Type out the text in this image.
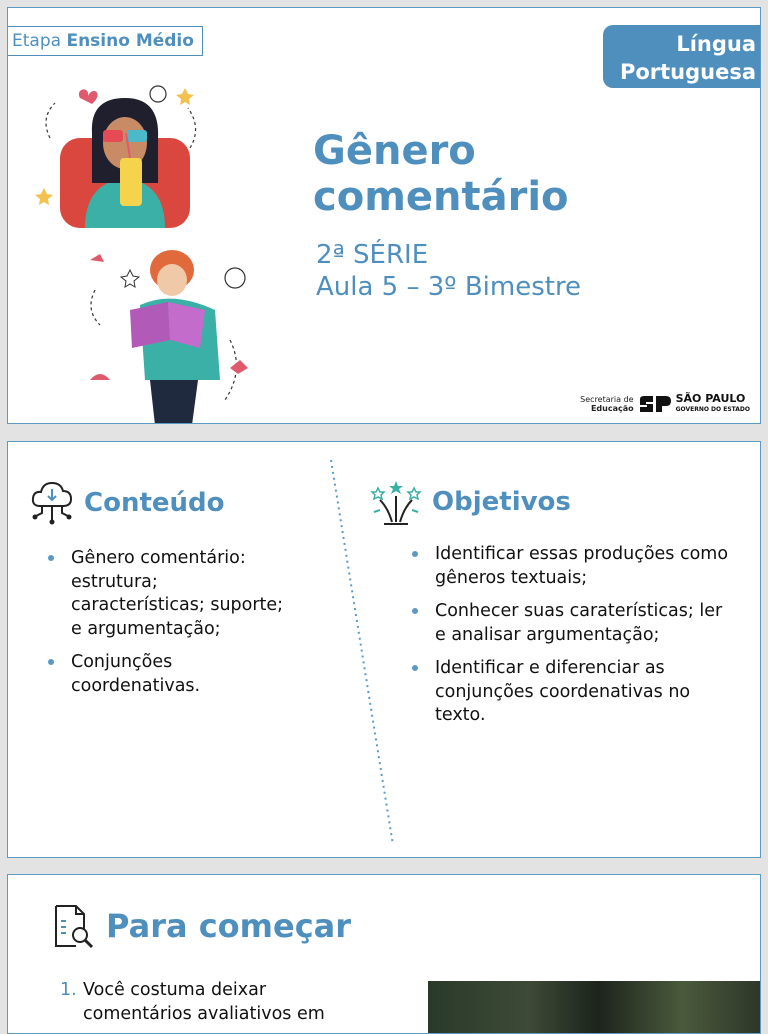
Etapa Ensino Médio	Língua
Portuguesa
Gênero
comentário
2ª SÉRIE
Aula 5 – 3º Bimestre
Secretaria de
Educação
SÃO PAULO
GOVERNO DO ESTADO
Conteúdo
Gênero comentário: estrutura; características; suporte; e argumentação;
Conjunções coordenativas.
Objetivos
Identificar essas produções como gêneros textuais;
Conhecer suas caraterísticas; ler e analisar argumentação;
Identificar e diferenciar as conjunções coordenativas no texto.
Para começar
1. Você costuma deixar comentários avaliativos em
